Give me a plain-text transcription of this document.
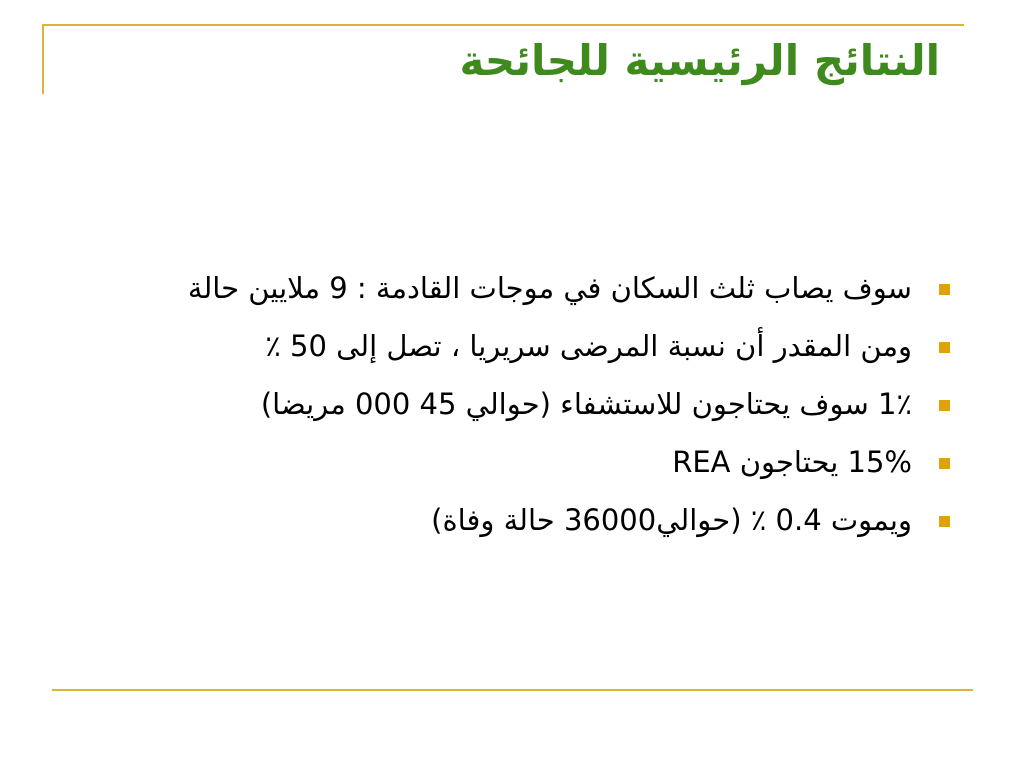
النتائج الرئيسية للجائحة
سوف يصاب ثلث السكان في موجات القادمة : 9 ملايين حالة
ومن المقدر أن نسبة المرضى سريريا ، تصل إلى 50 ٪
1٪ سوف يحتاجون للاستشفاء (حوالي 45 000 مريضا)
15% يحتاجون REA
ويموت 0.4 ٪ (حوالي36000 حالة وفاة)
